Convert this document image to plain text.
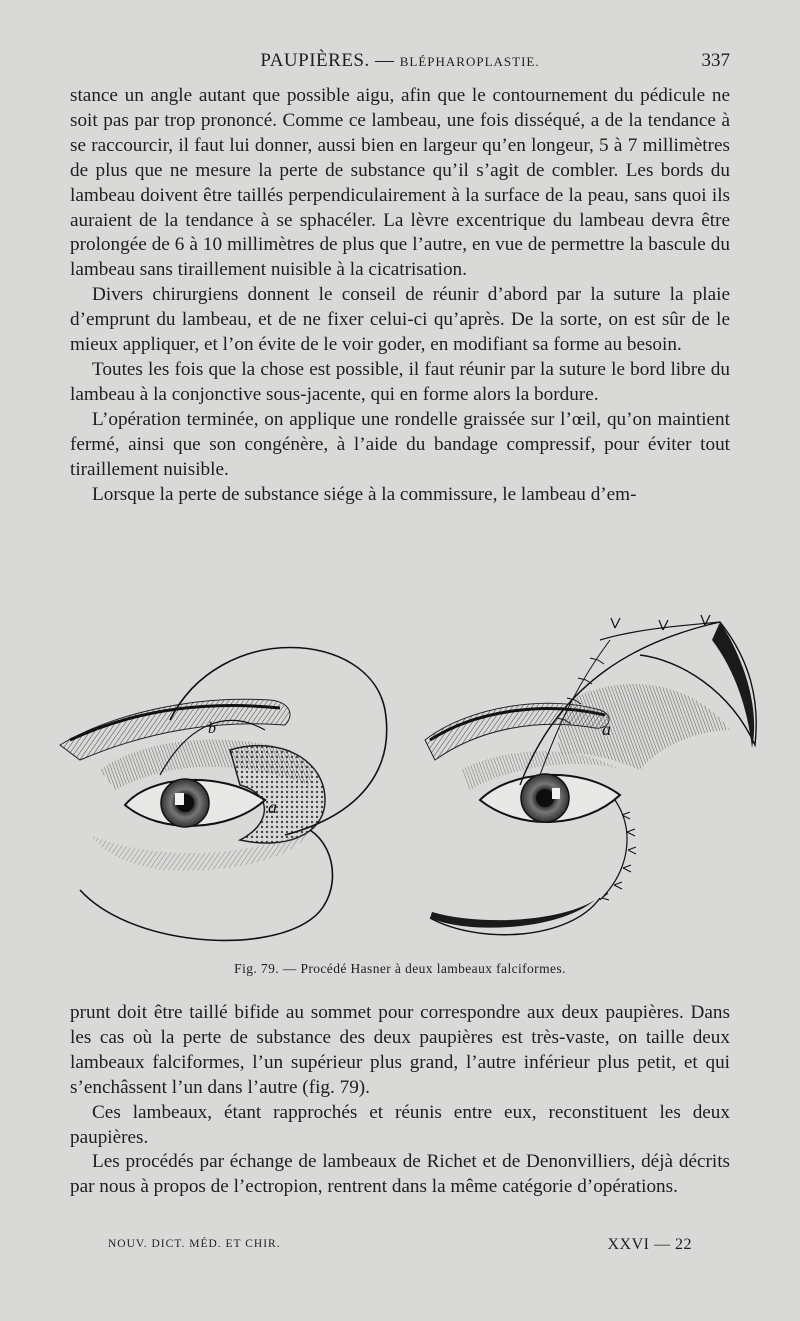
PAUPIÈRES. — BLÉPHAROPLASTIE.	337

stance un angle autant que possible aigu, afin que le contournement du pédicule ne soit pas par trop prononcé. Comme ce lambeau, une fois disséqué, a de la tendance à se raccourcir, il faut lui donner, aussi bien en largeur qu’en longeur, 5 à 7 millimètres de plus que ne mesure la perte de substance qu’il s’agit de combler. Les bords du lambeau doivent être taillés perpendiculairement à la surface de la peau, sans quoi ils auraient de la tendance à se sphacéler. La lèvre excentrique du lambeau devra être prolongée de 6 à 10 millimètres de plus que l’autre, en vue de permettre la bascule du lambeau sans tiraillement nuisible à la cicatrisation.

Divers chirurgiens donnent le conseil de réunir d’abord par la suture la plaie d’emprunt du lambeau, et de ne fixer celui-ci qu’après. De la sorte, on est sûr de le mieux appliquer, et l’on évite de le voir goder, en modifiant sa forme au besoin.

Toutes les fois que la chose est possible, il faut réunir par la suture le bord libre du lambeau à la conjonctive sous-jacente, qui en forme alors la bordure.

L’opération terminée, on applique une rondelle graissée sur l’œil, qu’on maintient fermé, ainsi que son congénère, à l’aide du bandage compressif, pour éviter tout tiraillement nuisible.

Lorsque la perte de substance siége à la commissure, le lambeau d’em-

a
b	a
Fig. 79. — Procédé Hasner à deux lambeaux falciformes.

prunt doit être taillé bifide au sommet pour correspondre aux deux paupières. Dans les cas où la perte de substance des deux paupières est très-vaste, on taille deux lambeaux falciformes, l’un supérieur plus grand, l’autre inférieur plus petit, et qui s’enchâssent l’un dans l’autre (fig. 79).

Ces lambeaux, étant rapprochés et réunis entre eux, reconstituent les deux paupières.

Les procédés par échange de lambeaux de Richet et de Denonvilliers, déjà décrits par nous à propos de l’ectropion, rentrent dans la même catégorie d’opérations.

NOUV. DICT. MÉD. ET CHIR.	XXVI — 22
